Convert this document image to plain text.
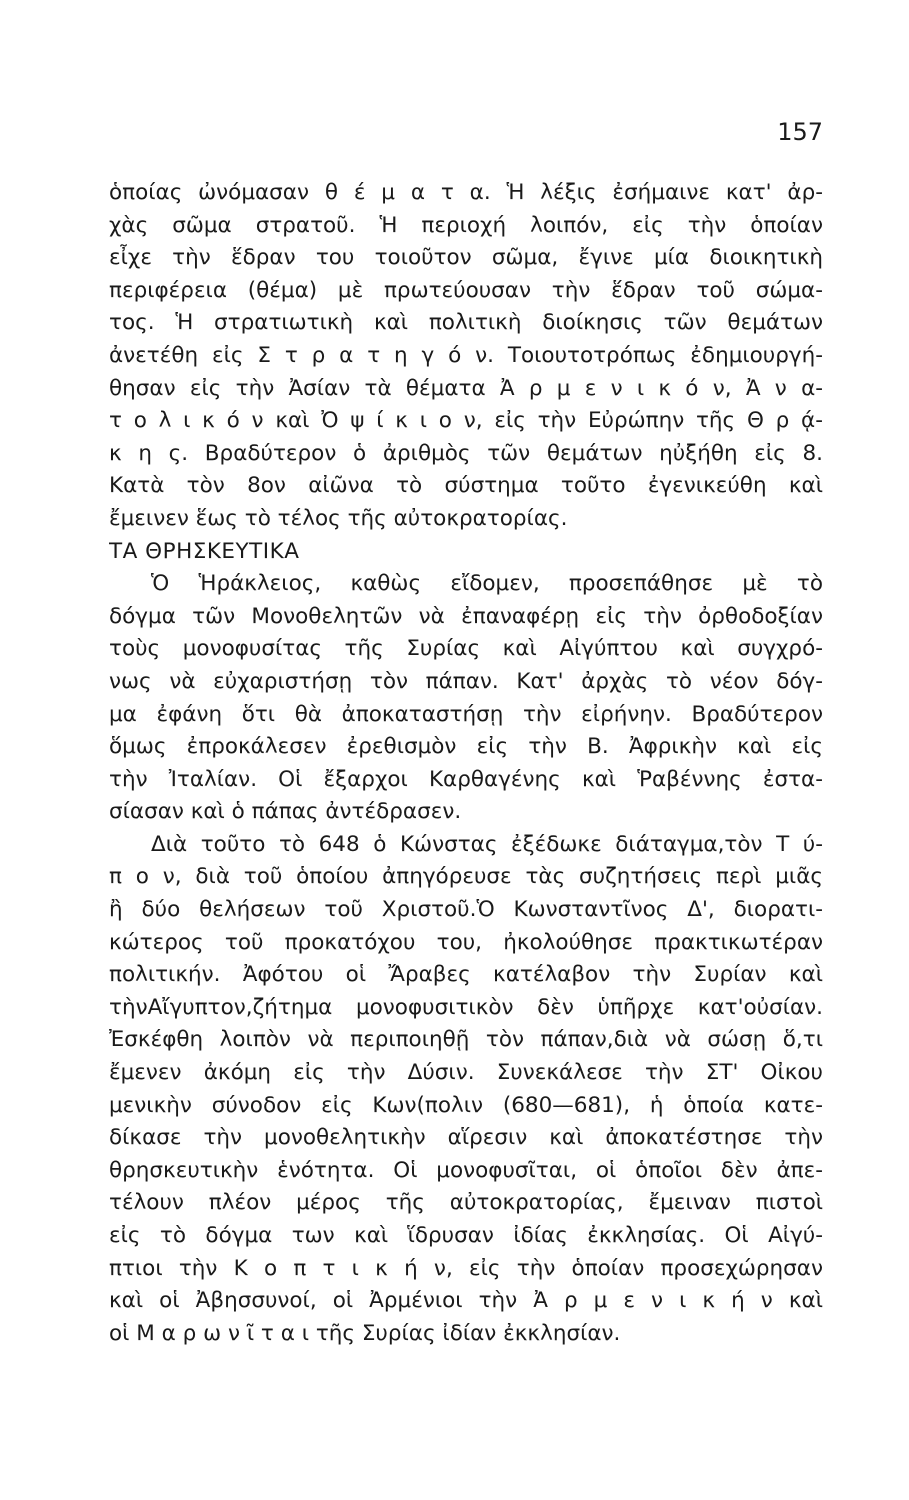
157
ὁποίας ὠνόμασαν θ έ μ α τ α. Ἡ λέξις ἐσήμαινε κατ' ἀρ-
χὰς σῶμα στρατοῦ. Ἡ περιοχή λοιπόν, εἰς τὴν ὁποίαν
εἶχε τὴν ἕδραν του τοιοῦτον σῶμα, ἔγινε μία διοικητικὴ
περιφέρεια (θέμα) μὲ πρωτεύουσαν τὴν ἕδραν τοῦ σώμα-
τος. Ἡ στρατιωτικὴ καὶ πολιτικὴ διοίκησις τῶν θεμάτων
ἀνετέθη εἰς Σ τ ρ α τ η γ ό ν. Τοιουτοτρόπως ἐδημιουργή-
θησαν εἰς τὴν Ἀσίαν τὰ θέματα Ἀ ρ μ ε ν ι κ ό ν, Ἀ ν α-
τ ο λ ι κ ό ν καὶ Ὀ ψ ί κ ι ο ν, εἰς τὴν Εὐρώπην τῆς Θ ρ ᾴ-
κ η ς. Βραδύτερον ὁ ἀριθμὸς τῶν θεμάτων ηὐξήθη εἰς 8.
Κατὰ τὸν 8ον αἰῶνα τὸ σύστημα τοῦτο ἐγενικεύθη καὶ
ἔμεινεν ἕως τὸ τέλος τῆς αὐτοκρατορίας.
ΤΑ ΘΡΗΣΚΕΥΤΙΚΑ
Ὁ Ἡράκλειος, καθὼς εἴδομεν, προσεπάθησε μὲ τὸ
δόγμα τῶν Μονοθελητῶν νὰ ἐπαναφέρῃ εἰς τὴν ὀρθοδοξίαν
τοὺς μονοφυσίτας τῆς Συρίας καὶ Αἰγύπτου καὶ συγχρό-
νως νὰ εὐχαριστήσῃ τὸν πάπαν. Κατ' ἀρχὰς τὸ νέον δόγ-
μα ἐφάνη ὅτι θὰ ἀποκαταστήσῃ τὴν εἰρήνην. Βραδύτερον
ὅμως ἐπροκάλεσεν ἐρεθισμὸν εἰς τὴν Β. Ἀφρικὴν καὶ εἰς
τὴν Ἰταλίαν. Οἱ ἔξαρχοι Καρθαγένης καὶ Ῥαβέννης ἐστα-
σίασαν καὶ ὁ πάπας ἀντέδρασεν.
Διὰ τοῦτο τὸ 648 ὁ Κώνστας ἐξέδωκε διάταγμα,τὸν Τ ύ-
π ο ν, διὰ τοῦ ὁποίου ἀπηγόρευσε τὰς συζητήσεις περὶ μιᾶς
ἢ δύο θελήσεων τοῦ Χριστοῦ.Ὁ Κωνσταντῖνος Δ', διορατι-
κώτερος τοῦ προκατόχου του, ἠκολούθησε πρακτικωτέραν
πολιτικήν. Ἀφότου οἱ Ἄραβες κατέλαβον τὴν Συρίαν καὶ
τὴνΑἴγυπτον,ζήτημα μονοφυσιτικὸν δὲν ὑπῆρχε κατ'οὐσίαν.
Ἐσκέφθη λοιπὸν νὰ περιποιηθῇ τὸν πάπαν,διὰ νὰ σώσῃ ὅ,τι
ἔμενεν ἀκόμη εἰς τὴν Δύσιν. Συνεκάλεσε τὴν ΣΤ' Οἰκου
μενικὴν σύνοδον εἰς Κων(πολιν (680—681), ἡ ὁποία κατε-
δίκασε τὴν μονοθελητικὴν αἵρεσιν καὶ ἀποκατέστησε τὴν
θρησκευτικὴν ἑνότητα. Οἱ μονοφυσῖται, οἱ ὁποῖοι δὲν ἀπε-
τέλουν πλέον μέρος τῆς αὐτοκρατορίας, ἔμειναν πιστοὶ
εἰς τὸ δόγμα των καὶ ἵδρυσαν ἰδίας ἐκκλησίας. Οἱ Αἰγύ-
πτιοι τὴν Κ ο π τ ι κ ή ν, εἰς τὴν ὁποίαν προσεχώρησαν
καὶ οἱ Ἀβησσυνοί, οἱ Ἀρμένιοι τὴν Ἀ ρ μ ε ν ι κ ή ν καὶ
οἱ Μ α ρ ω ν ῖ τ α ι τῆς Συρίας ἰδίαν ἐκκλησίαν.
